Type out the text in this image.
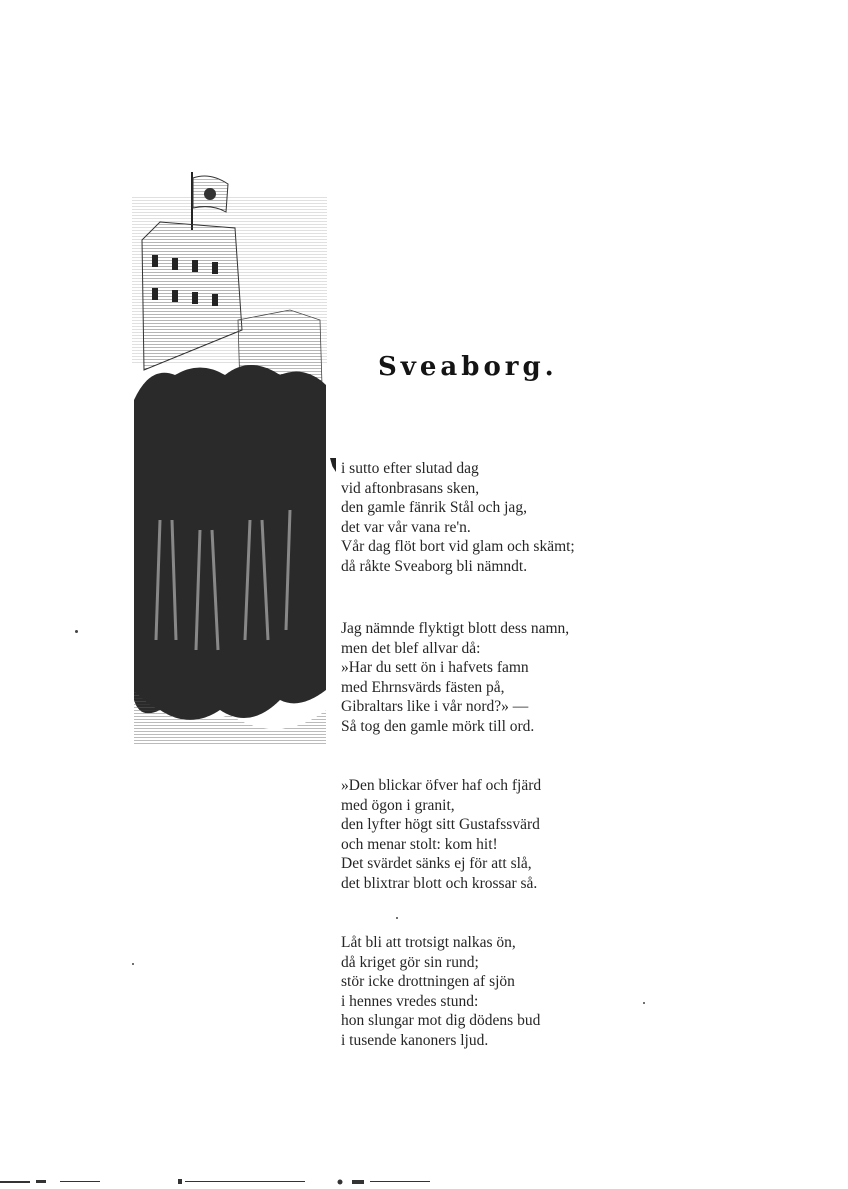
Sveaborg.
i sutto efter slutad dag
vid aftonbrasans sken,
den gamle fänrik Stål och jag,
det var vår vana re'n.
Vår dag flöt bort vid glam och skämt;
då råkte Sveaborg bli nämndt.
Jag nämnde flyktigt blott dess namn,
men det blef allvar då:
»Har du sett ön i hafvets famn
med Ehrnsvärds fästen på,
Gibraltars like i vår nord?» —
Så tog den gamle mörk till ord.
»Den blickar öfver haf och fjärd
med ögon i granit,
den lyfter högt sitt Gustafssvärd
och menar stolt: kom hit!
Det svärdet sänks ej för att slå,
det blixtrar blott och krossar så.
Låt bli att trotsigt nalkas ön,
då kriget gör sin rund;
stör icke drottningen af sjön
i hennes vredes stund:
hon slungar mot dig dödens bud
i tusende kanoners ljud.
